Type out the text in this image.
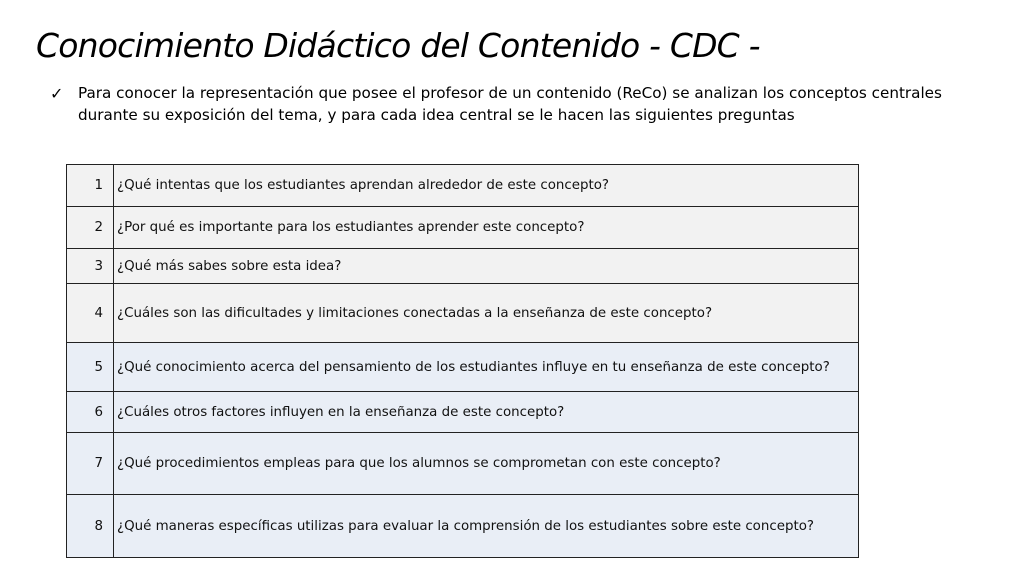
Conocimiento Didáctico del Contenido - CDC -
✓ Para conocer la representación que posee el profesor de un contenido (ReCo) se analizan los conceptos centrales durante su exposición del tema, y para cada idea central se le hacen las siguientes preguntas
1	¿Qué intentas que los estudiantes aprendan alrededor de este concepto?
2	¿Por qué es importante para los estudiantes aprender este concepto?
3	¿Qué más sabes sobre esta idea?
4	¿Cuáles son las dificultades y limitaciones conectadas a la enseñanza de este concepto?
5	¿Qué conocimiento acerca del pensamiento de los estudiantes influye en tu enseñanza de este concepto?
6	¿Cuáles otros factores influyen en la enseñanza de este concepto?
7	¿Qué procedimientos empleas para que los alumnos se comprometan con este concepto?
8	¿Qué maneras específicas utilizas para evaluar la comprensión de los estudiantes sobre este concepto?
